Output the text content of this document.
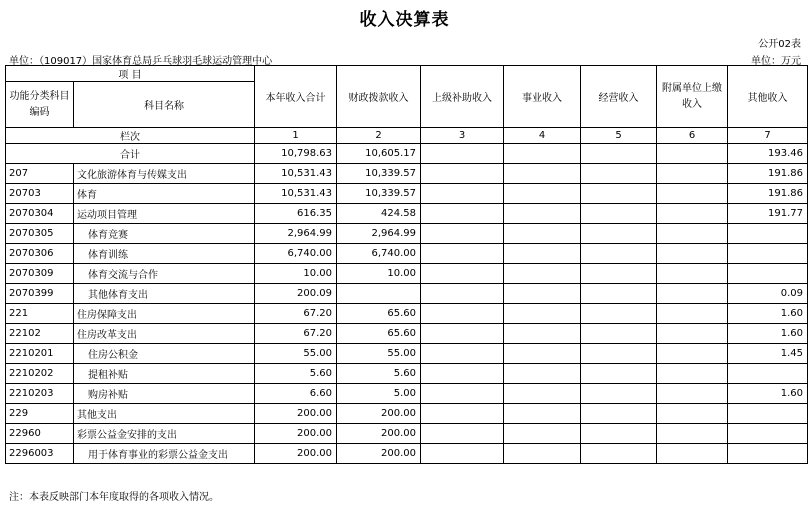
收入决算表
公开02表
单位：（109017）国家体育总局乒乓球羽毛球运动管理中心	单位：万元
项 目		本年收入合计	财政拨款收入	上级补助收入	事业收入	经营收入	附属单位上缴收入	其他收入
功能分类科目编码	科目名称							
栏次		1	2	3	4	5	6	7
合计		10,798.63	10,605.17					193.46
207	文化旅游体育与传媒支出	10,531.43	10,339.57					191.86
20703	体育	10,531.43	10,339.57					191.86
2070304	运动项目管理	616.35	424.58					191.77
2070305	体育竞赛	2,964.99	2,964.99					
2070306	体育训练	6,740.00	6,740.00					
2070309	体育交流与合作	10.00	10.00					
2070399	其他体育支出	200.09						0.09
221	住房保障支出	67.20	65.60					1.60
22102	住房改革支出	67.20	65.60					1.60
2210201	住房公积金	55.00	55.00					1.45
2210202	提租补贴	5.60	5.60					
2210203	购房补贴	6.60	5.00					1.60
229	其他支出	200.00	200.00					
22960	彩票公益金安排的支出	200.00	200.00					
2296003	用于体育事业的彩票公益金支出	200.00	200.00					
注：本表反映部门本年度取得的各项收入情况。
